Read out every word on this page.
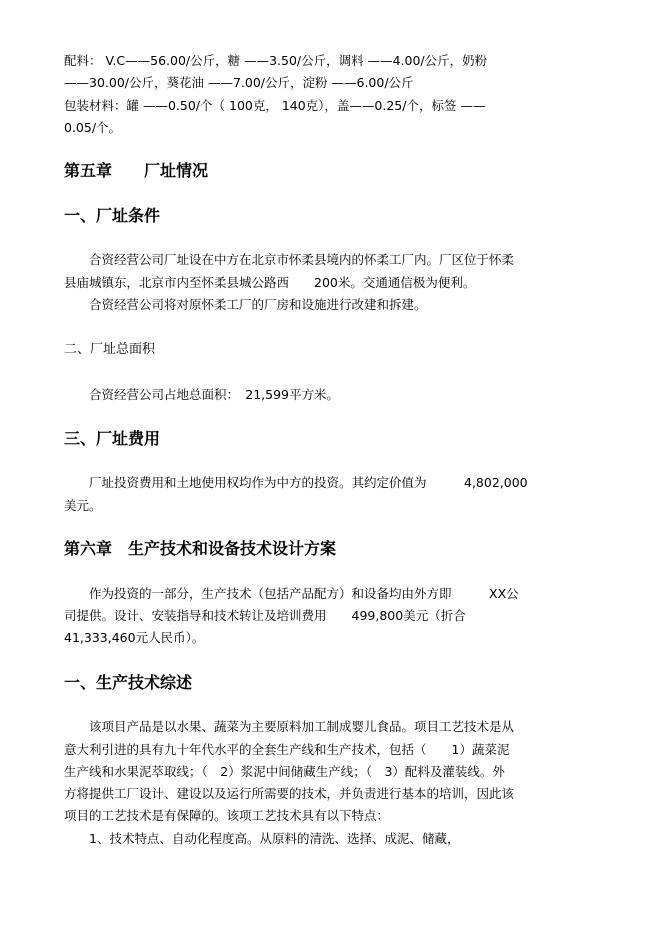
配料： V.C——56.00/公斤，糖 ——3.50/公斤，调料 ——4.00/公斤，奶粉
——30.00/公斤，葵花油 ——7.00/公斤，淀粉 ——6.00/公斤
包装材料：罐 ——0.50/个（ 100克， 140克），盖——0.25/个，标签 ——
0.05/个。
第五章　　厂址情况
一、厂址条件
合资经营公司厂址设在中方在北京市怀柔县境内的怀柔工厂内。厂区位于怀柔
县庙城镇东，北京市内至怀柔县城公路西　　200米。交通通信极为便利。
合资经营公司将对原怀柔工厂的厂房和设施进行改建和拆建。
二、厂址总面积
合资经营公司占地总面积：　21,599平方米。
三、厂址费用
厂址投资费用和土地使用权均作为中方的投资。其约定价值为　　　4,802,000
美元。
第六章　生产技术和设备技术设计方案
作为投资的一部分，生产技术（包括产品配方）和设备均由外方即　　　XX公
司提供。设计、安装指导和技术转让及培训费用　　499,800美元（折合
41,333,460元人民币）。
一、生产技术综述
该项目产品是以水果、蔬菜为主要原料加工制成婴儿食品。项目工艺技术是从
意大利引进的具有九十年代水平的全套生产线和生产技术，包括（　　1）蔬菜泥
生产线和水果泥萃取线；（　2）浆泥中间储藏生产线；（　3）配料及灌装线。外
方将提供工厂设计、建设以及运行所需要的技术，并负责进行基本的培训，因此该
项目的工艺技术是有保障的。该项工艺技术具有以下特点：
1、技术特点、自动化程度高。从原料的清洗、选择、成泥、储藏，
